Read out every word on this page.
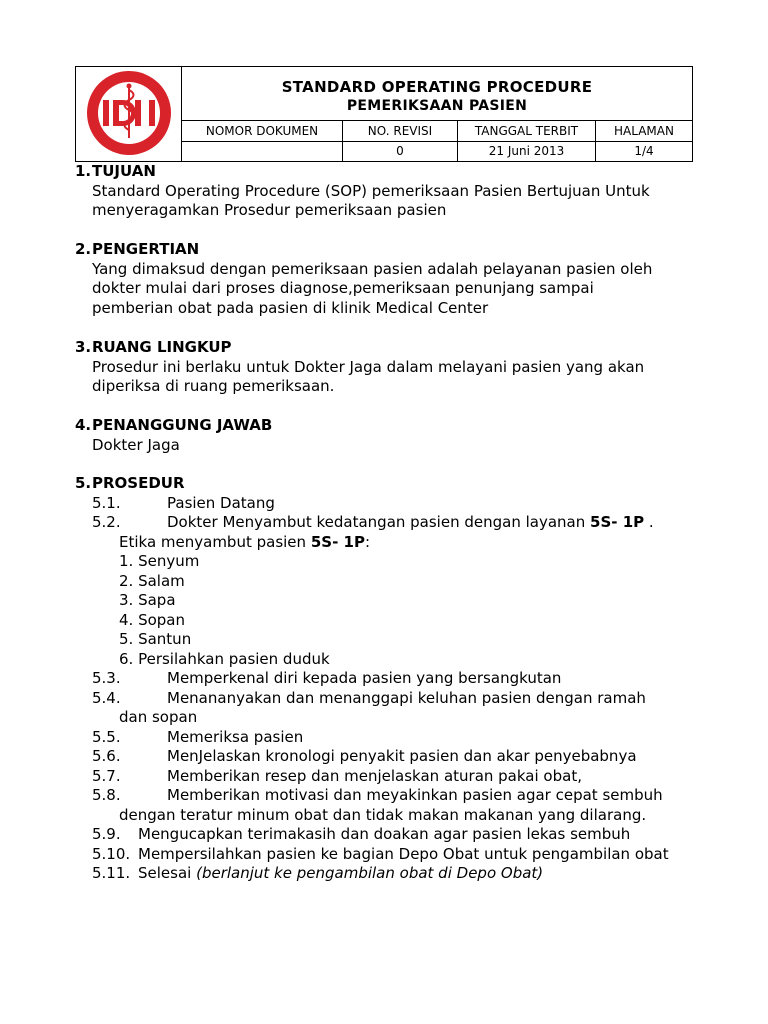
	STANDARD OPERATING PROCEDURE			
	PEMERIKSAAN PASIEN			
	NOMOR DOKUMEN	NO. REVISI	TANGGAL TERBIT	HALAMAN
		0	21 Juni 2013	1/4
1.TUJUAN
Standard Operating Procedure (SOP) pemeriksaan Pasien Bertujuan Untuk
menyeragamkan Prosedur pemeriksaan pasien
2.PENGERTIAN
Yang dimaksud dengan pemeriksaan pasien adalah pelayanan pasien oleh
dokter mulai dari proses diagnose,pemeriksaan penunjang sampai
pemberian obat pada pasien di klinik Medical Center
3.RUANG LINGKUP
Prosedur ini berlaku untuk Dokter Jaga dalam melayani pasien yang akan
diperiksa di ruang pemeriksaan.
4.PENANGGUNG JAWAB
Dokter Jaga
5.PROSEDUR
5.1.	Pasien Datang
5.2.	Dokter Menyambut kedatangan pasien dengan layanan 5S- 1P .
Etika menyambut pasien 5S- 1P:
1. Senyum
2. Salam
3. Sapa
4. Sopan
5. Santun
6. Persilahkan pasien duduk
5.3.	Memperkenal diri kepada pasien yang bersangkutan
5.4.	Menananyakan dan menanggapi keluhan pasien dengan ramah
dan sopan
5.5.	Memeriksa pasien
5.6.	MenJelaskan kronologi penyakit pasien dan akar penyebabnya
5.7.	Memberikan resep dan menjelaskan aturan pakai obat,
5.8.	Memberikan motivasi dan meyakinkan pasien agar cepat sembuh
dengan teratur minum obat dan tidak makan makanan yang dilarang.
5.9. Mengucapkan terimakasih dan doakan agar pasien lekas sembuh
5.10. Mempersilahkan pasien ke bagian Depo Obat untuk pengambilan obat
5.11. Selesai (berlanjut ke pengambilan obat di Depo Obat)
